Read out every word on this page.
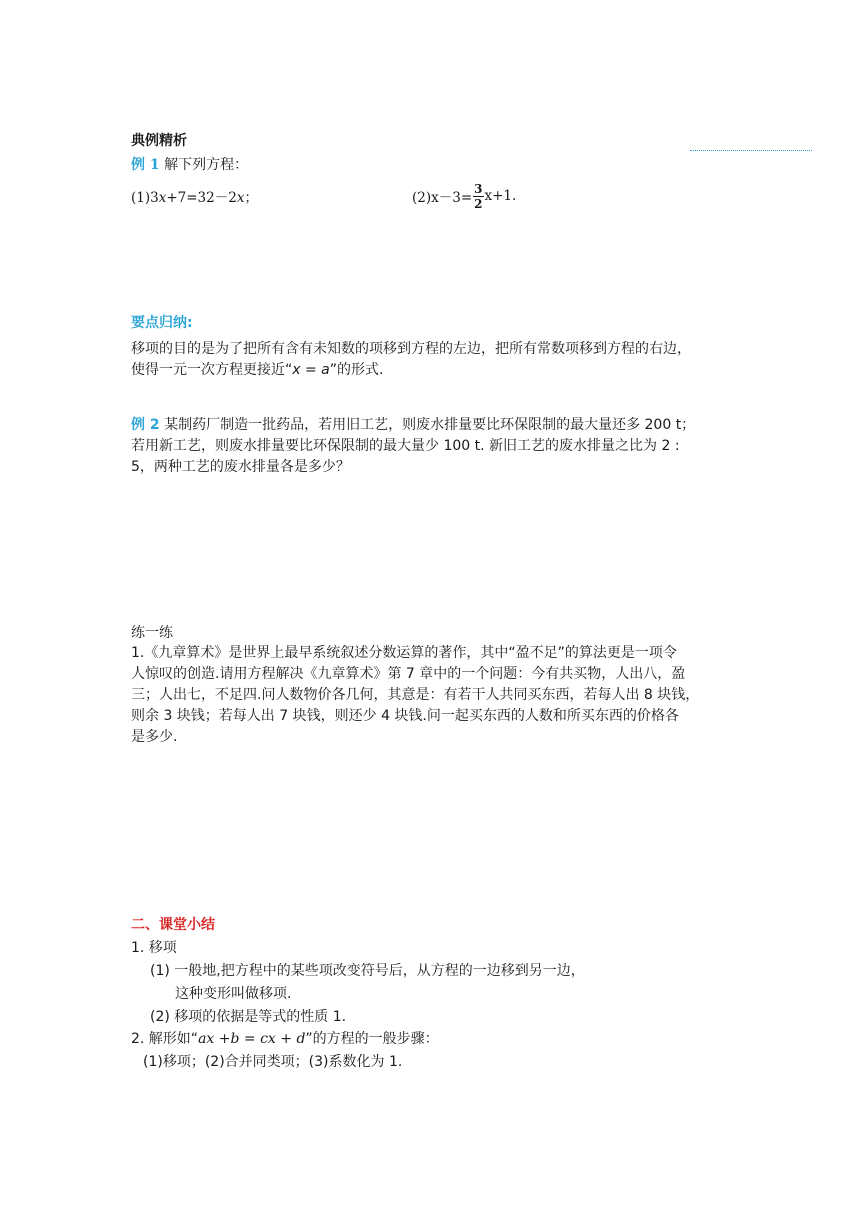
典例精析
例 1 解下列方程：
(1)3x+7=32－2x；	$(2)x-3= \frac{3}{2} x+1$.
要点归纳:
移项的目的是为了把所有含有未知数的项移到方程的左边，把所有常数项移到方程的右边，
使得一元一次方程更接近“x = a”的形式.
例 2 某制药厂制造一批药品，若用旧工艺，则废水排量要比环保限制的最大量还多 200 t；
若用新工艺，则废水排量要比环保限制的最大量少 100 t. 新旧工艺的废水排量之比为 2 :
5，两种工艺的废水排量各是多少？
练一练
1.《九章算术》是世界上最早系统叙述分数运算的著作，其中“盈不足”的算法更是一项令
人惊叹的创造.请用方程解决《九章算术》第 7 章中的一个问题：今有共买物，人出八，盈
三；人出七，不足四.问人数物价各几何，其意是：有若干人共同买东西，若每人出 8 块钱，
则余 3 块钱；若每人出 7 块钱，则还少 4 块钱.问一起买东西的人数和所买东西的价格各
是多少.
二、课堂小结
1. 移项
(1) 一般地,把方程中的某些项改变符号后，从方程的一边移到另一边，
这种变形叫做移项.
(2) 移项的依据是等式的性质 1.
2. 解形如“ax +b = cx + d”的方程的一般步骤：
(1)移项；(2)合并同类项；(3)系数化为 1.
